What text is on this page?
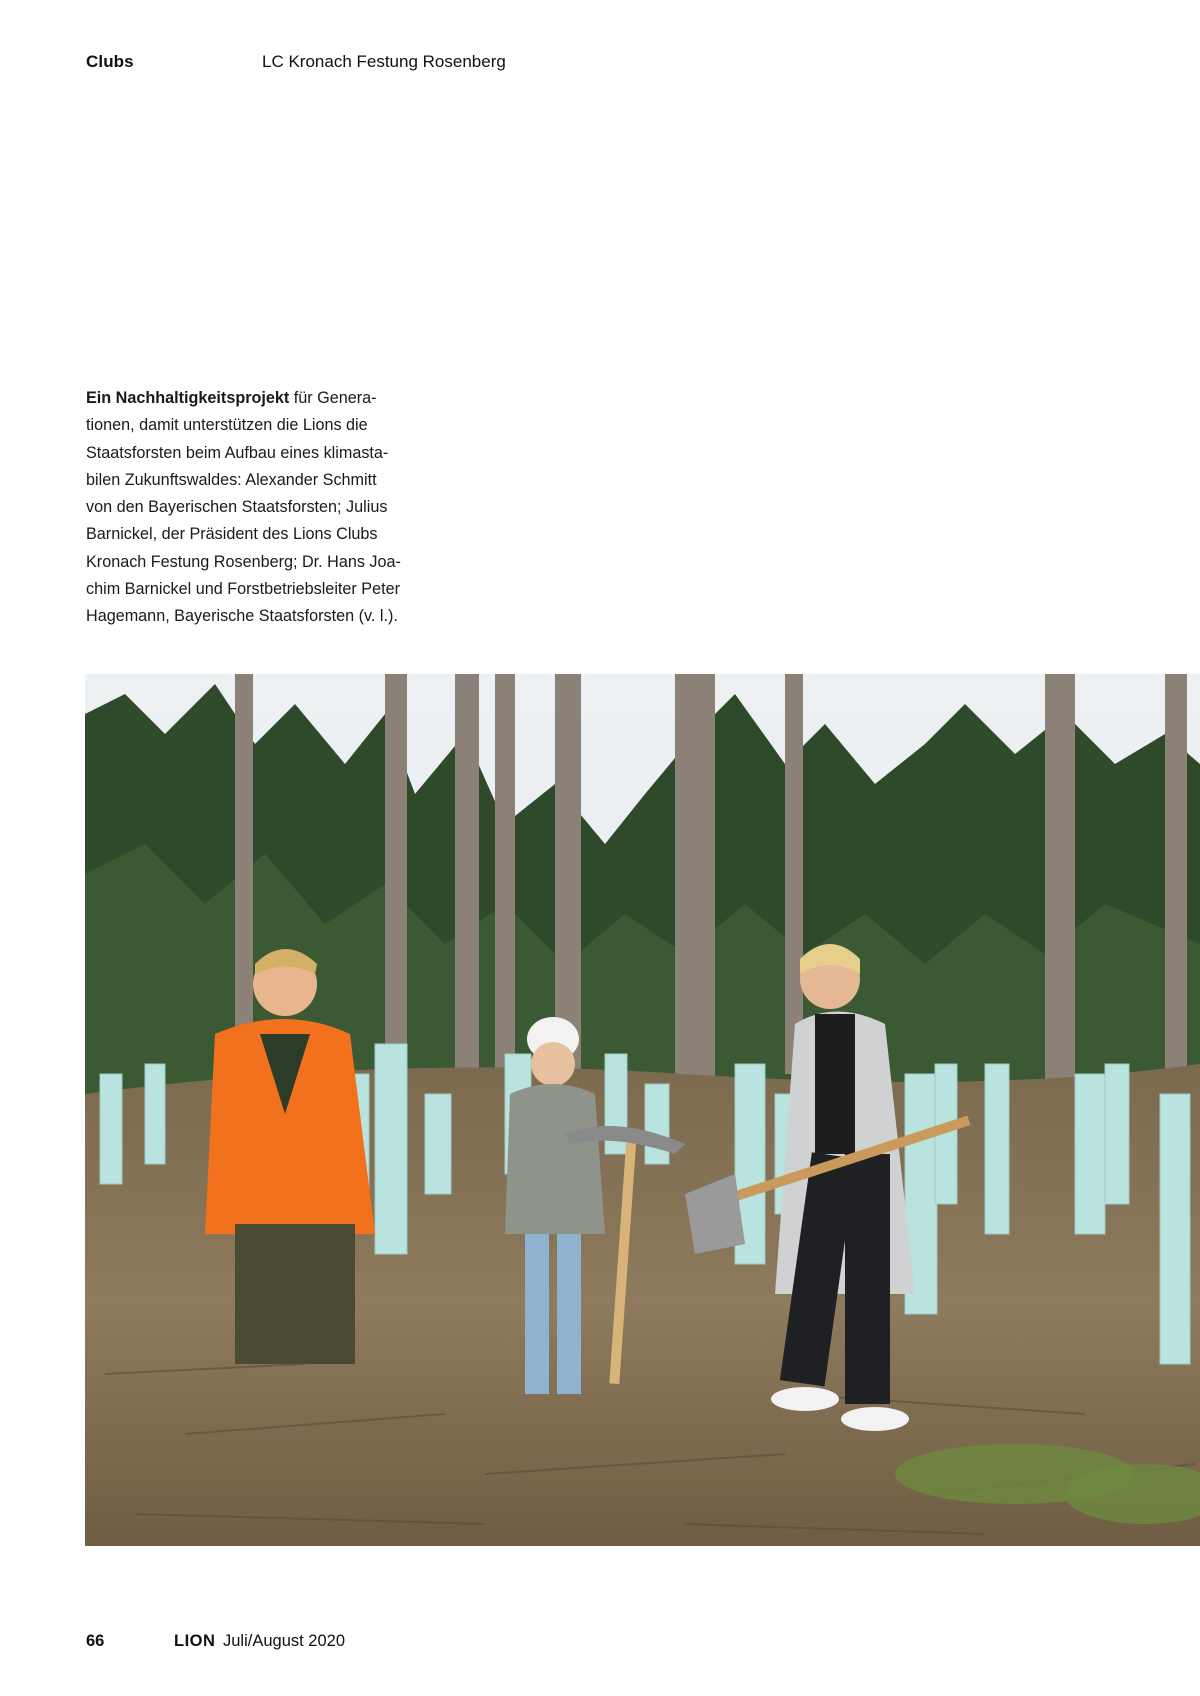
Clubs	LC Kronach Festung Rosenberg
Ein Nachhaltigkeitsprojekt für Genera-
tionen, damit unterstützen die Lions die
Staatsforsten beim Aufbau eines klimasta-
bilen Zukunftswaldes: Alexander Schmitt
von den Bayerischen Staatsforsten; Julius
Barnickel, der Präsident des Lions Clubs
Kronach Festung Rosenberg; Dr. Hans Joa-
chim Barnickel und Forstbetriebsleiter Peter
Hagemann, Bayerische Staatsforsten (v. l.).
66	LION Juli/August 2020
